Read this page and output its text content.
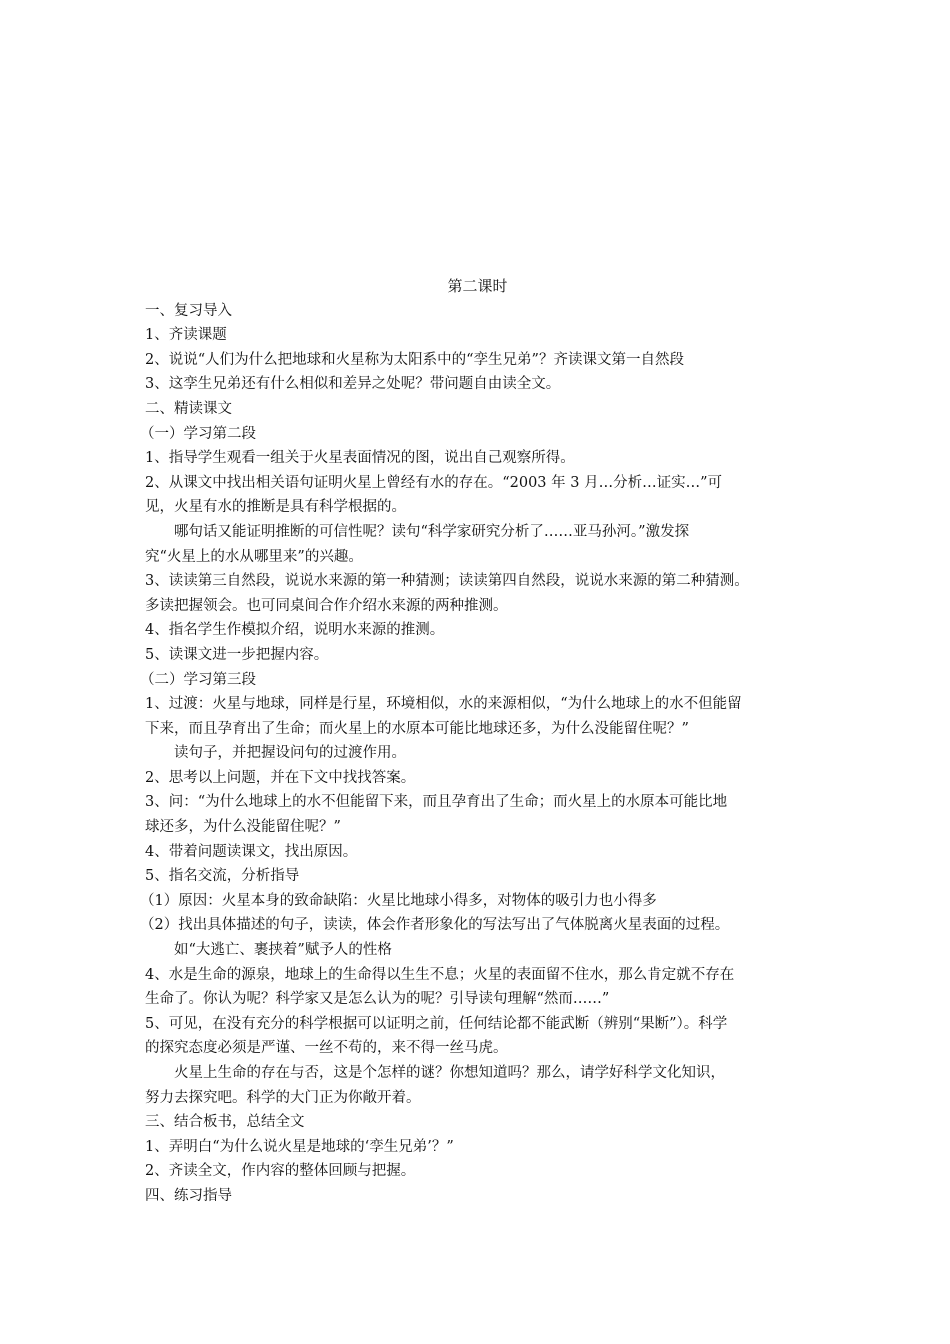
第二课时
一、复习导入
1、齐读课题
2、说说“人们为什么把地球和火星称为太阳系中的“孪生兄弟”？齐读课文第一自然段
3、这孪生兄弟还有什么相似和差异之处呢？带问题自由读全文。
二、精读课文
（一）学习第二段
1、指导学生观看一组关于火星表面情况的图，说出自己观察所得。
2、从课文中找出相关语句证明火星上曾经有水的存在。“2003 年 3 月…分析…证实…”可
见，火星有水的推断是具有科学根据的。
哪句话又能证明推断的可信性呢？读句“科学家研究分析了……亚马孙河。”激发探
究“火星上的水从哪里来”的兴趣。
3、读读第三自然段，说说水来源的第一种猜测；读读第四自然段，说说水来源的第二种猜测。
多读把握领会。也可同桌间合作介绍水来源的两种推测。
4、指名学生作模拟介绍，说明水来源的推测。
5、读课文进一步把握内容。
（二）学习第三段
1、过渡：火星与地球，同样是行星，环境相似，水的来源相似，“为什么地球上的水不但能留
下来，而且孕育出了生命；而火星上的水原本可能比地球还多，为什么没能留住呢？”
读句子，并把握设问句的过渡作用。
2、思考以上问题，并在下文中找找答案。
3、问：“为什么地球上的水不但能留下来，而且孕育出了生命；而火星上的水原本可能比地
球还多，为什么没能留住呢？”
4、带着问题读课文，找出原因。
5、指名交流，分析指导
（1）原因：火星本身的致命缺陷：火星比地球小得多，对物体的吸引力也小得多
（2）找出具体描述的句子，读读，体会作者形象化的写法写出了气体脱离火星表面的过程。
如“大逃亡、裹挟着”赋予人的性格
4、水是生命的源泉，地球上的生命得以生生不息；火星的表面留不住水，那么肯定就不存在
生命了。你认为呢？科学家又是怎么认为的呢？引导读句理解“然而……”
5、可见，在没有充分的科学根据可以证明之前，任何结论都不能武断（辨别“果断”）。科学
的探究态度必须是严谨、一丝不苟的，来不得一丝马虎。
火星上生命的存在与否，这是个怎样的谜？你想知道吗？那么，请学好科学文化知识，
努力去探究吧。科学的大门正为你敞开着。
三、结合板书，总结全文
1、弄明白“为什么说火星是地球的‘孪生兄弟’？”
2、齐读全文，作内容的整体回顾与把握。
四、练习指导
